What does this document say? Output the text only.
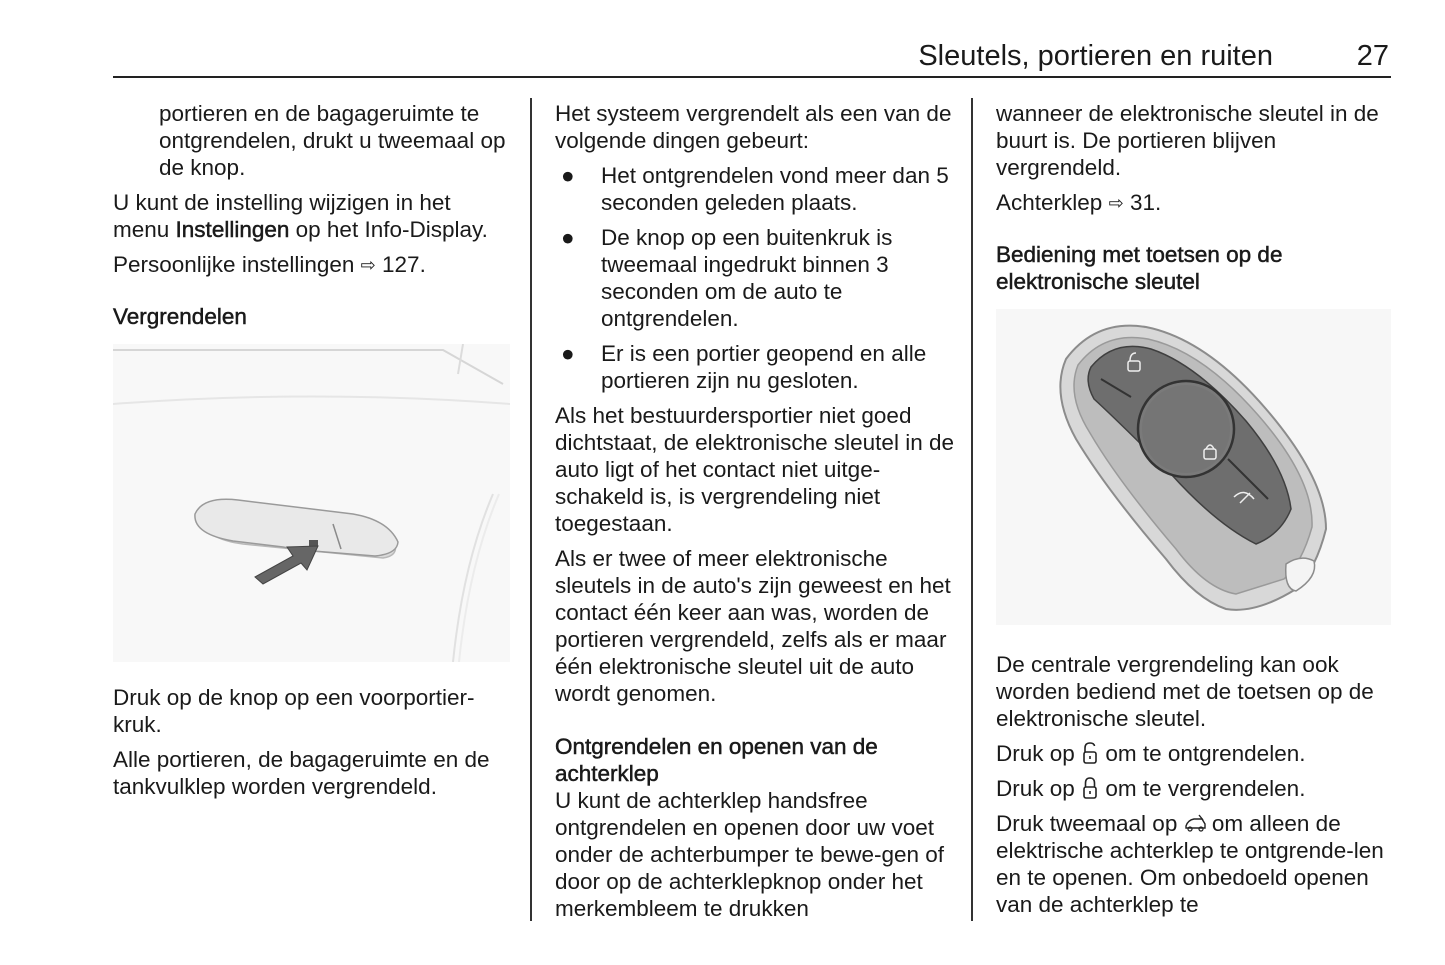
Sleutels, portieren en ruiten	27

portieren en de bagageruimte te ontgrendelen, drukt u tweemaal op de knop.

U kunt de instelling wijzigen in het menu Instellingen op het Info-Display.

Persoonlijke instellingen ⇨ 127.

Vergrendelen

Druk op de knop op een voorportier-kruk.

Alle portieren, de bagageruimte en de tankvulklep worden vergrendeld.

Het systeem vergrendelt als een van de volgende dingen gebeurt:

● Het ontgrendelen vond meer dan 5 seconden geleden plaats.
● De knop op een buitenkruk is tweemaal ingedrukt binnen 3 seconden om de auto te ontgrendelen.
● Er is een portier geopend en alle portieren zijn nu gesloten.

Als het bestuurdersportier niet goed dichtstaat, de elektronische sleutel in de auto ligt of het contact niet uitge-schakeld is, is vergrendeling niet toegestaan.

Als er twee of meer elektronische sleutels in de auto's zijn geweest en het contact één keer aan was, worden de portieren vergrendeld, zelfs als er maar één elektronische sleutel uit de auto wordt genomen.

Ontgrendelen en openen van de achterklep

U kunt de achterklep handsfree ontgrendelen en openen door uw voet onder de achterbumper te bewe-gen of door op de achterklepknop onder het merkembleem te drukken

wanneer de elektronische sleutel in de buurt is. De portieren blijven vergrendeld.

Achterklep ⇨ 31.

Bediening met toetsen op de elektronische sleutel

De centrale vergrendeling kan ook worden bediend met de toetsen op de elektronische sleutel.

Druk op om te ontgrendelen.

Druk op om te vergrendelen.

Druk tweemaal op om alleen de elektrische achterklep te ontgrende-len en te openen. Om onbedoeld openen van de achterklep te
